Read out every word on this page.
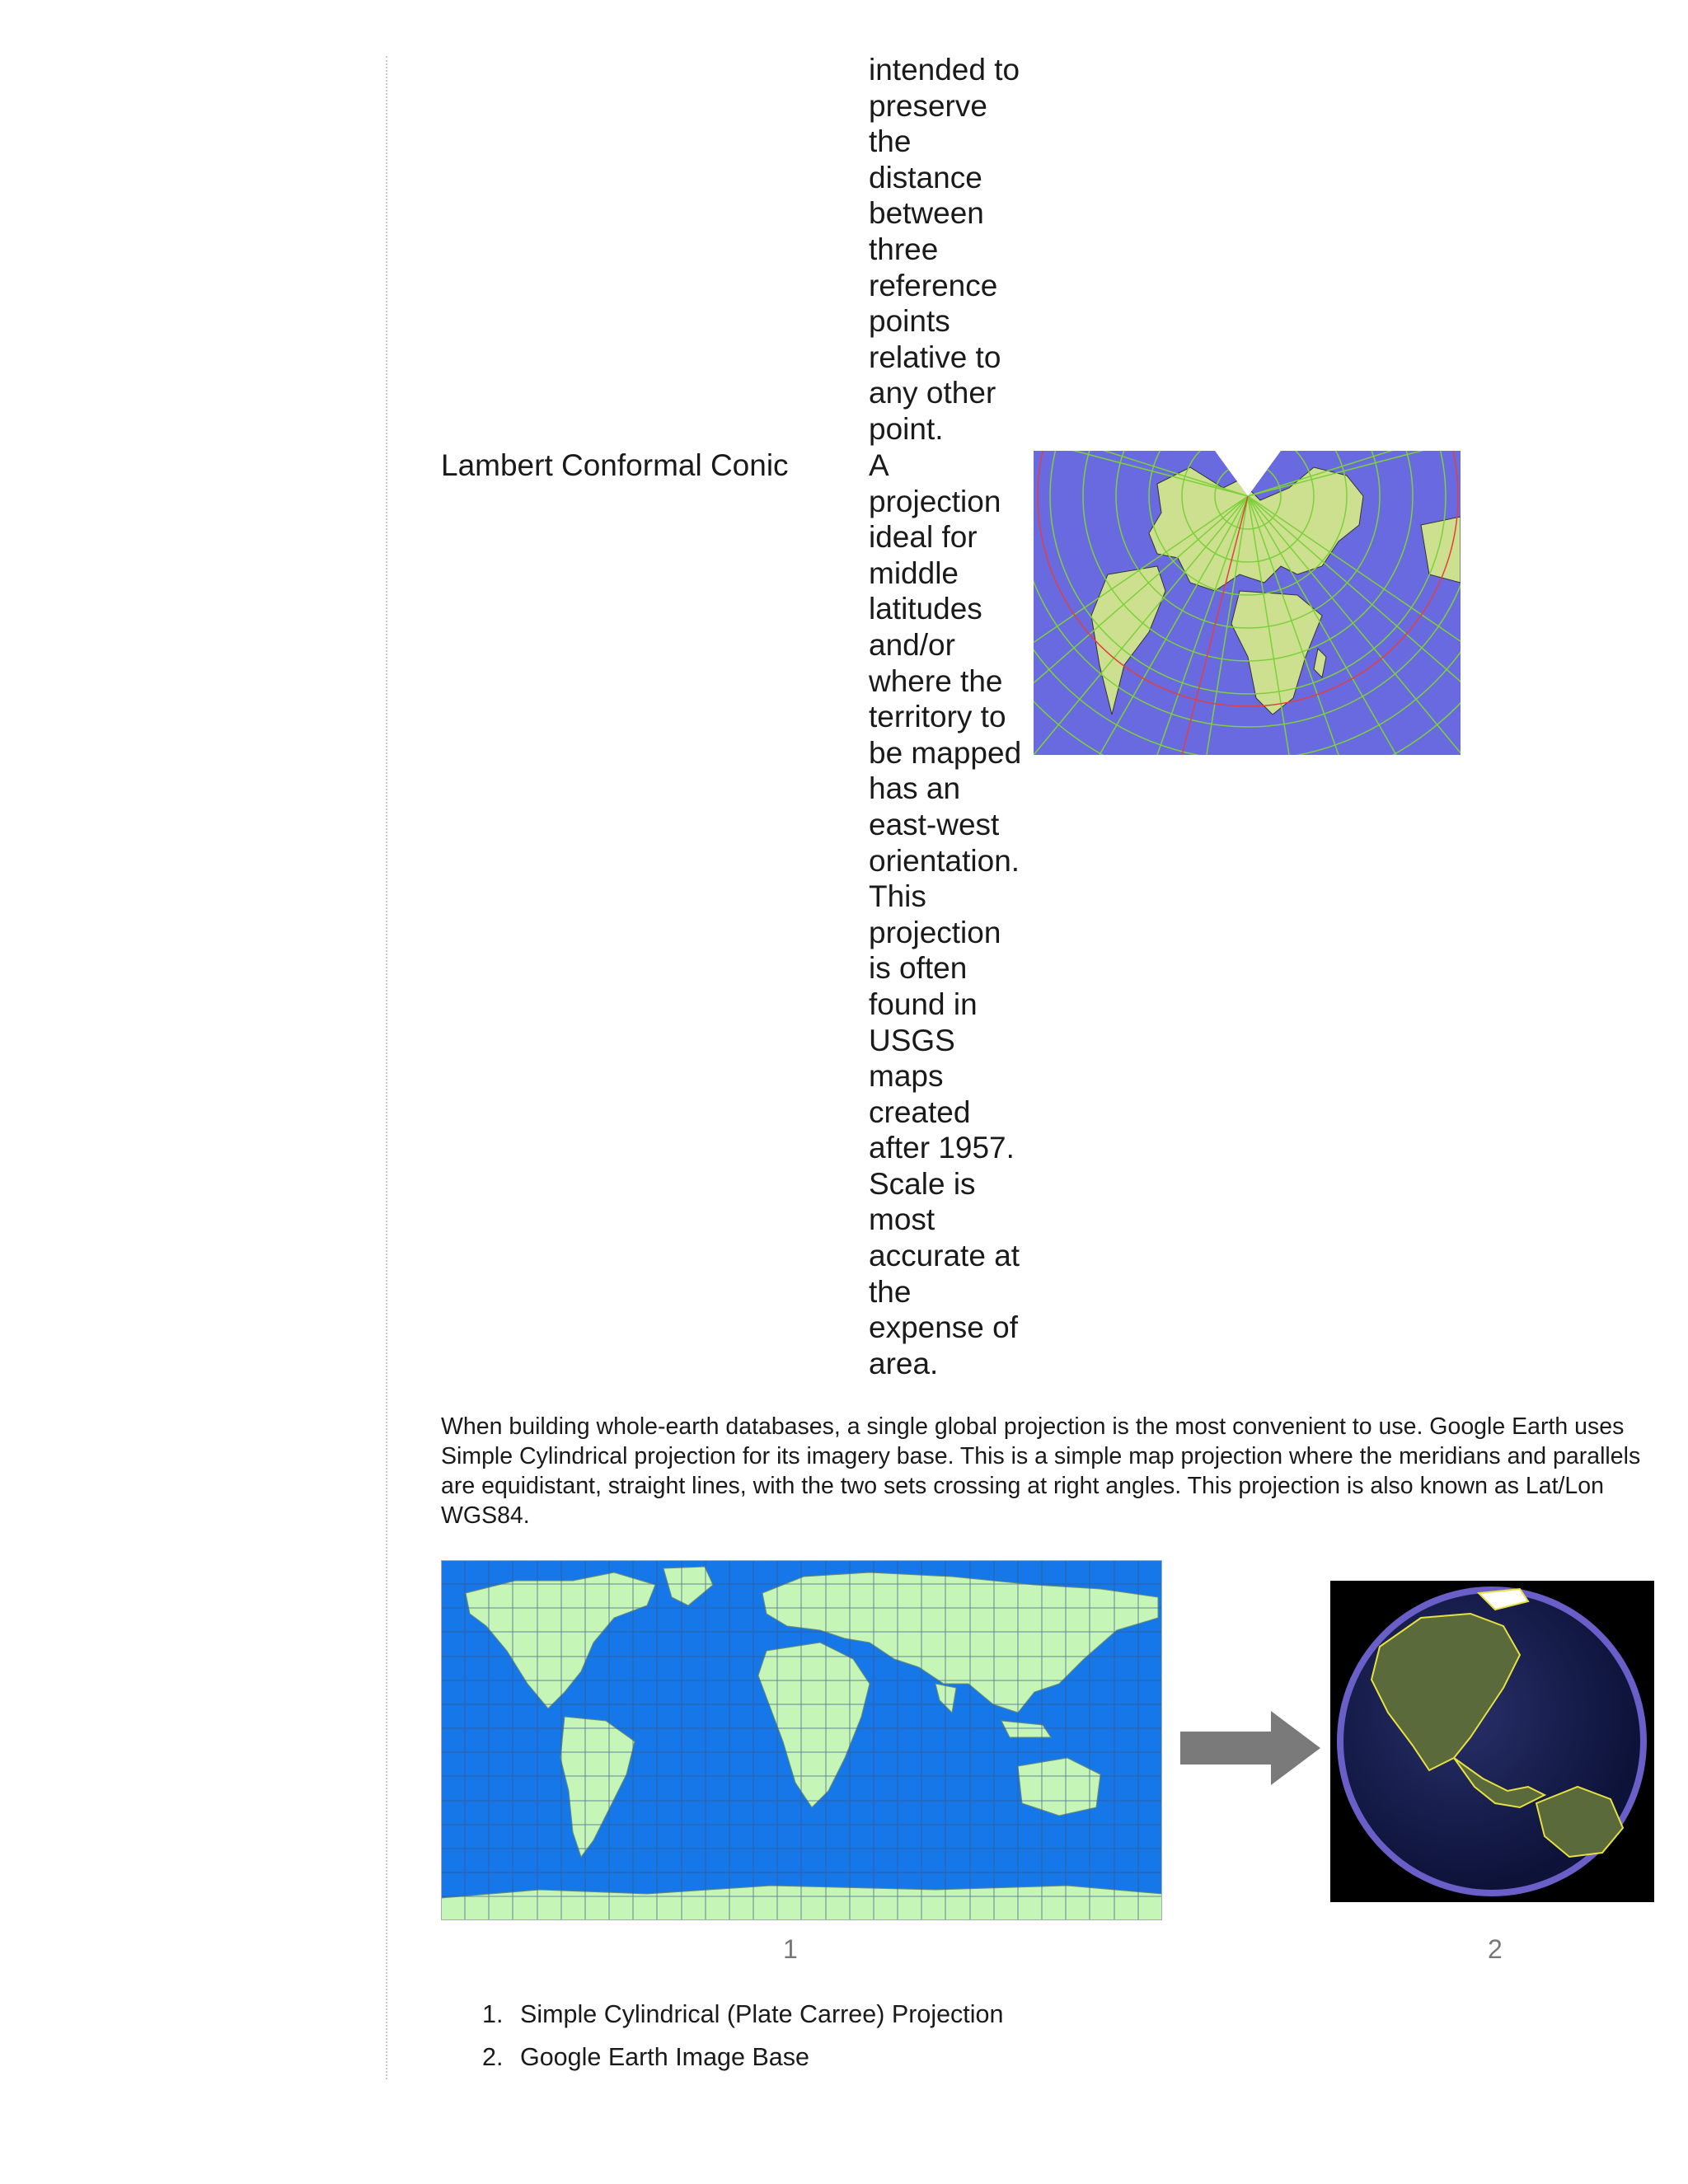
intended to
preserve
the
distance
between
three
reference
points
relative to
any other
point.
Lambert Conformal Conic	A
projection
ideal for
middle
latitudes
and/or
where the
territory to
be mapped
has an
east-west
orientation.
This
projection
is often
found in
USGS
maps
created
after 1957.
Scale is
most
accurate at
the
expense of
area.
When building whole-earth databases, a single global projection is the most convenient to use. Google Earth uses Simple Cylindrical projection for its imagery base. This is a simple map projection where the meridians and parallels are equidistant, straight lines, with the two sets crossing at right angles. This projection is also known as Lat/Lon WGS84.
1	2
1. Simple Cylindrical (Plate Carree) Projection
2. Google Earth Image Base
